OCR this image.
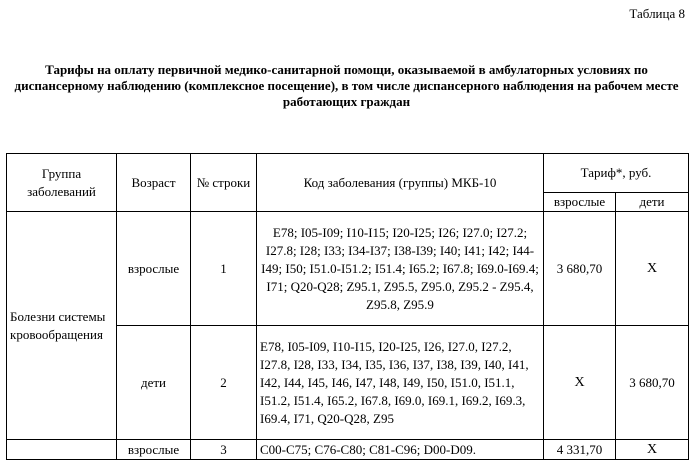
Таблица 8
Тарифы на оплату первичной медико-санитарной помощи, оказываемой в амбулаторных условиях по диспансерному наблюдению (комплексное посещение), в том числе диспансерного наблюдения на рабочем месте работающих граждан
Группа заболеваний	Возраст	№ строки	Код заболевания (группы) МКБ-10	Тариф*, руб.	
				взрослые	дети
Болезни системы кровообращения	взрослые	1	E78; I05-I09; I10-I15; I20-I25; I26; I27.0; I27.2; I27.8; I28; I33; I34-I37; I38-I39; I40; I41; I42; I44-I49; I50; I51.0-I51.2; I51.4; I65.2; I67.8; I69.0-I69.4; I71; Q20-Q28; Z95.1, Z95.5, Z95.0, Z95.2 - Z95.4, Z95.8, Z95.9	3 680,70	X
	дети	2	E78, I05-I09, I10-I15, I20-I25, I26, I27.0, I27.2, I27.8, I28, I33, I34, I35, I36, I37, I38, I39, I40, I41, I42, I44, I45, I46, I47, I48, I49, I50, I51.0, I51.1, I51.2, I51.4, I65.2, I67.8, I69.0, I69.1, I69.2, I69.3, I69.4, I71, Q20-Q28, Z95	X	3 680,70
	взрослые	3	C00-C75; C76-C80; C81-C96; D00-D09.	4 331,70	X
